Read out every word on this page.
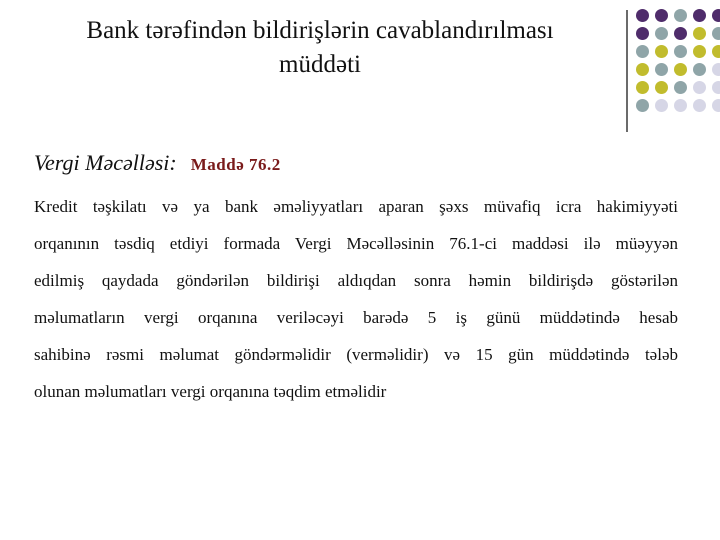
Bank tərəfindən bildirişlərin cavablandırılması
müddəti
Vergi Məcəlləsi: Maddə 76.2
Kredit təşkilatı və ya bank əməliyyatları aparan şəxs müvafiq icra hakimiyyəti
orqanının təsdiq etdiyi formada Vergi Məcəlləsinin 76.1-ci maddəsi ilə müəyyən
edilmiş qaydada göndərilən bildirişi aldıqdan sonra həmin bildirişdə göstərilən
məlumatların vergi orqanına veriləcəyi barədə 5 iş günü müddətində hesab
sahibinə rəsmi məlumat göndərməlidir (verməlidir) və 15 gün müddətində tələb
olunan məlumatları vergi orqanına təqdim etməlidir
